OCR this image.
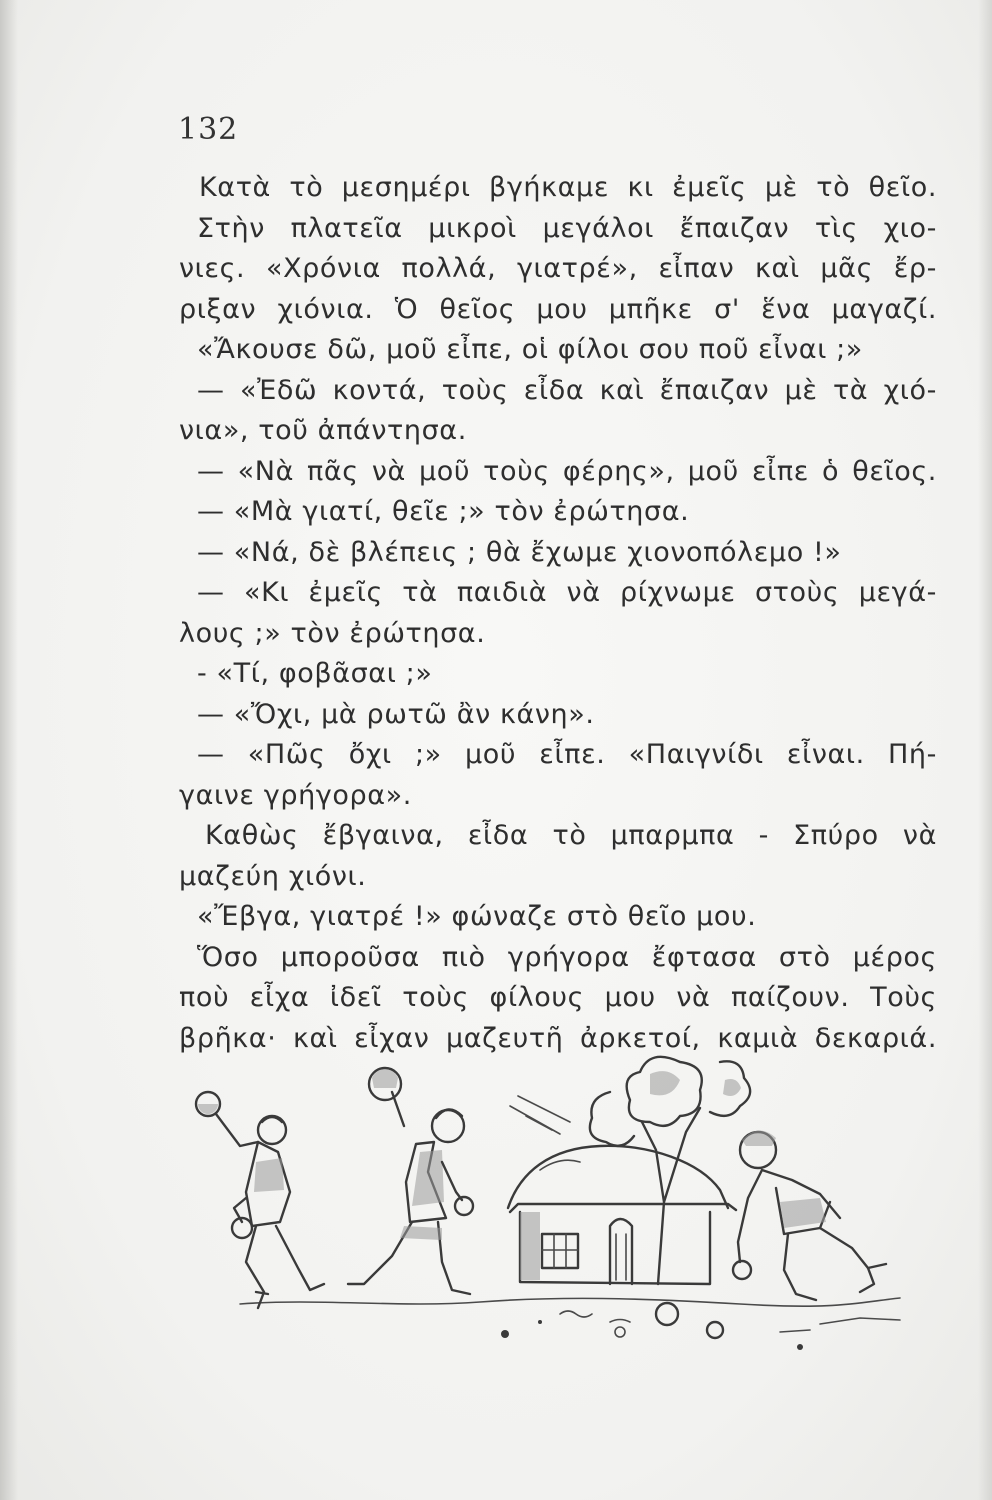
132
Κατὰ τὸ μεσημέρι βγήκαμε κι ἐμεῖς μὲ τὸ θεῖο.
Στὴν πλατεῖα μικροὶ μεγάλοι ἔπαιζαν τὶς χιο-
νιες. «Χρόνια πολλά, γιατρέ», εἶπαν καὶ μᾶς ἔρ-
ριξαν χιόνια. Ὁ θεῖος μου μπῆκε σ' ἕνα μαγαζί.
«Ἄκουσε δῶ, μοῦ εἶπε, οἱ φίλοι σου ποῦ εἶναι ;»
— «Ἐδῶ κοντά, τοὺς εἶδα καὶ ἔπαιζαν μὲ τὰ χιό-
νια», τοῦ ἀπάντησα.
— «Νὰ πᾶς νὰ μοῦ τοὺς φέρης», μοῦ εἶπε ὁ θεῖος.
— «Μὰ γιατί, θεῖε ;» τὸν ἐρώτησα.
— «Νά, δὲ βλέπεις ; θὰ ἔχωμε χιονοπόλεμο !»
— «Κι ἐμεῖς τὰ παιδιὰ νὰ ρίχνωμε στοὺς μεγά-
λους ;» τὸν ἐρώτησα.
- «Τί, φοβᾶσαι ;»
— «Ὄχι, μὰ ρωτῶ ἂν κάνη».
— «Πῶς ὄχι ;» μοῦ εἶπε. «Παιγνίδι εἶναι. Πή-
γαινε γρήγορα».
Καθὼς ἔβγαινα, εἶδα τὸ μπαρμπα - Σπύρο νὰ
μαζεύη χιόνι.
«Ἔβγα, γιατρέ !» φώναζε στὸ θεῖο μου.
Ὅσο μποροῦσα πιὸ γρήγορα ἔφτασα στὸ μέρος
ποὺ εἶχα ἰδεῖ τοὺς φίλους μου νὰ παίζουν. Τοὺς
βρῆκα· καὶ εἶχαν μαζευτῆ ἀρκετοί, καμιὰ δεκαριά.
